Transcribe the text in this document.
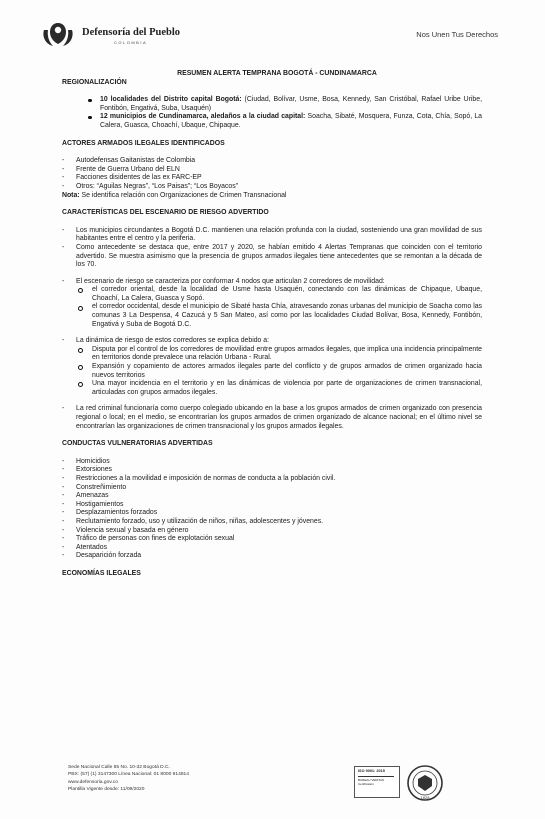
Defensoría del Pueblo
COLOMBIA
Nos Unen Tus Derechos
RESUMEN ALERTA TEMPRANA BOGOTÁ - CUNDINAMARCA
REGIONALIZACIÓN
10 localidades del Distrito capital Bogotá: (Ciudad, Bolívar, Usme, Bosa, Kennedy, San Cristóbal, Rafael Uribe Uribe, Fontibón, Engativá, Suba, Usaquén)
12 municipios de Cundinamarca, aledaños a la ciudad capital: Soacha, Sibaté, Mosquera, Funza, Cota, Chía, Sopó, La Calera, Guasca, Choachí, Ubaque, Chipaque.
ACTORES ARMADOS ILEGALES IDENTIFICADOS
- Autodefensas Gaitanistas de Colombia
- Frente de Guerra Urbano del ELN
- Facciones disidentes de las ex FARC-EP
- Otros: “Aguilas Negras”, “Los Paisas”; “Los Boyacos”
Nota: Se identifica relación con Organizaciones de Crimen Transnacional
CARACTERÍSTICAS DEL ESCENARIO DE RIESGO ADVERTIDO
- Los municipios circundantes a Bogotá D.C. mantienen una relación profunda con la ciudad, sosteniendo una gran movilidad de sus habitantes entre el centro y la periferia.
- Como antecedente se destaca que, entre 2017 y 2020, se habían emitido 4 Alertas Tempranas que coinciden con el territorio advertido. Se muestra asimismo que la presencia de grupos armados ilegales tiene antecedentes que se remontan a la década de los 70.
- El escenario de riesgo se caracteriza por conformar 4 nodos que articulan 2 corredores de movilidad:
el corredor oriental, desde la localidad de Usme hasta Usaquén, conectando con las dinámicas de Chipaque, Ubaque, Choachí, La Calera, Guasca y Sopó.
el corredor occidental, desde el municipio de Sibaté hasta Chía, atravesando zonas urbanas del municipio de Soacha como las comunas 3 La Despensa, 4 Cazucá y 5 San Mateo, así como por las localidades Ciudad Bolívar, Bosa, Kennedy, Fontibón, Engativá y Suba de Bogotá D.C.
- La dinámica de riesgo de estos corredores se explica debido a:
Disputa por el control de los corredores de movilidad entre grupos armados ilegales, que implica una incidencia principalmente en territorios donde prevalece una relación Urbana - Rural.
Expansión y copamiento de actores armados ilegales parte del conflicto y de grupos armados de crimen organizado hacia nuevos territorios
Una mayor incidencia en el territorio y en las dinámicas de violencia por parte de organizaciones de crimen transnacional, articuladas con grupos armados ilegales.
- La red criminal funcionaría como cuerpo colegiado ubicando en la base a los grupos armados de crimen organizado con presencia regional o local; en el medio, se encontrarían los grupos armados de crimen organizado de alcance nacional; en el último nivel se encontrarían las organizaciones de crimen transnacional y los grupos armados ilegales.
CONDUCTAS VULNERATORIAS ADVERTIDAS
- Homicidios
- Extorsiones
- Restricciones a la movilidad e imposición de normas de conducta a la población civil.
- Constreñimiento
- Amenazas
- Hostigamientos
- Desplazamientos forzados
- Reclutamiento forzado, uso y utilización de niños, niñas, adolescentes y jóvenes.
- Violencia sexual y basada en género
- Tráfico de personas con fines de explotación sexual
- Atentados
- Desaparición forzada
ECONOMÍAS ILEGALES
Sede Nacional Calle 55 No. 10-32 Bogotá D.C.
PBX: (57) (1) 3147300 Línea Nacional: 01 8000 914814
www.defensoria.gov.co
Plantilla Vigente desde: 11/09/2020
ISO 9001: 2015
BUREAU VERITAS
Certification
1828
